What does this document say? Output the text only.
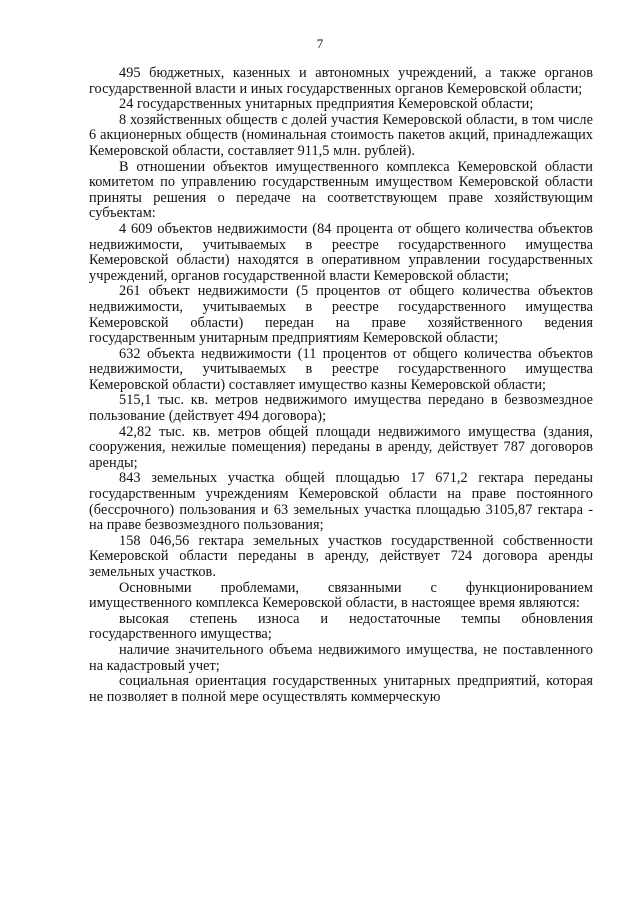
7

495 бюджетных, казенных и автономных учреждений, а также органов государственной власти и иных государственных органов Кемеровской области;

24 государственных унитарных предприятия Кемеровской области;

8 хозяйственных обществ с долей участия Кемеровской области, в том числе 6 акционерных обществ (номинальная стоимость пакетов акций, принадлежащих Кемеровской области, составляет 911,5 млн. рублей).

В отношении объектов имущественного комплекса Кемеровской области комитетом по управлению государственным имуществом Кемеровской области приняты решения о передаче на соответствующем праве хозяйствующим субъектам:

4 609 объектов недвижимости (84 процента от общего количества объектов недвижимости, учитываемых в реестре государственного имущества Кемеровской области) находятся в оперативном управлении государственных учреждений, органов государственной власти Кемеровской области;

261 объект недвижимости (5 процентов от общего количества объектов недвижимости, учитываемых в реестре государственного имущества Кемеровской области) передан на праве хозяйственного ведения государственным унитарным предприятиям Кемеровской области;

632 объекта недвижимости (11 процентов от общего количества объектов недвижимости, учитываемых в реестре государственного имущества Кемеровской области) составляет имущество казны Кемеровской области;

515,1 тыс. кв. метров недвижимого имущества передано в безвозмездное пользование (действует 494 договора);

42,82 тыс. кв. метров общей площади недвижимого имущества (здания, сооружения, нежилые помещения) переданы в аренду, действует 787 договоров аренды;

843 земельных участка общей площадью 17 671,2 гектара переданы государственным учреждениям Кемеровской области на праве постоянного (бессрочного) пользования и 63 земельных участка площадью 3105,87 гектара - на праве безвозмездного пользования;

158 046,56 гектара земельных участков государственной собственности Кемеровской области переданы в аренду, действует 724 договора аренды земельных участков.

Основными проблемами, связанными с функционированием имущественного комплекса Кемеровской области, в настоящее время являются:

высокая степень износа и недостаточные темпы обновления государственного имущества;

наличие значительного объема недвижимого имущества, не поставленного на кадастровый учет;

социальная ориентация государственных унитарных предприятий, которая не позволяет в полной мере осуществлять коммерческую
